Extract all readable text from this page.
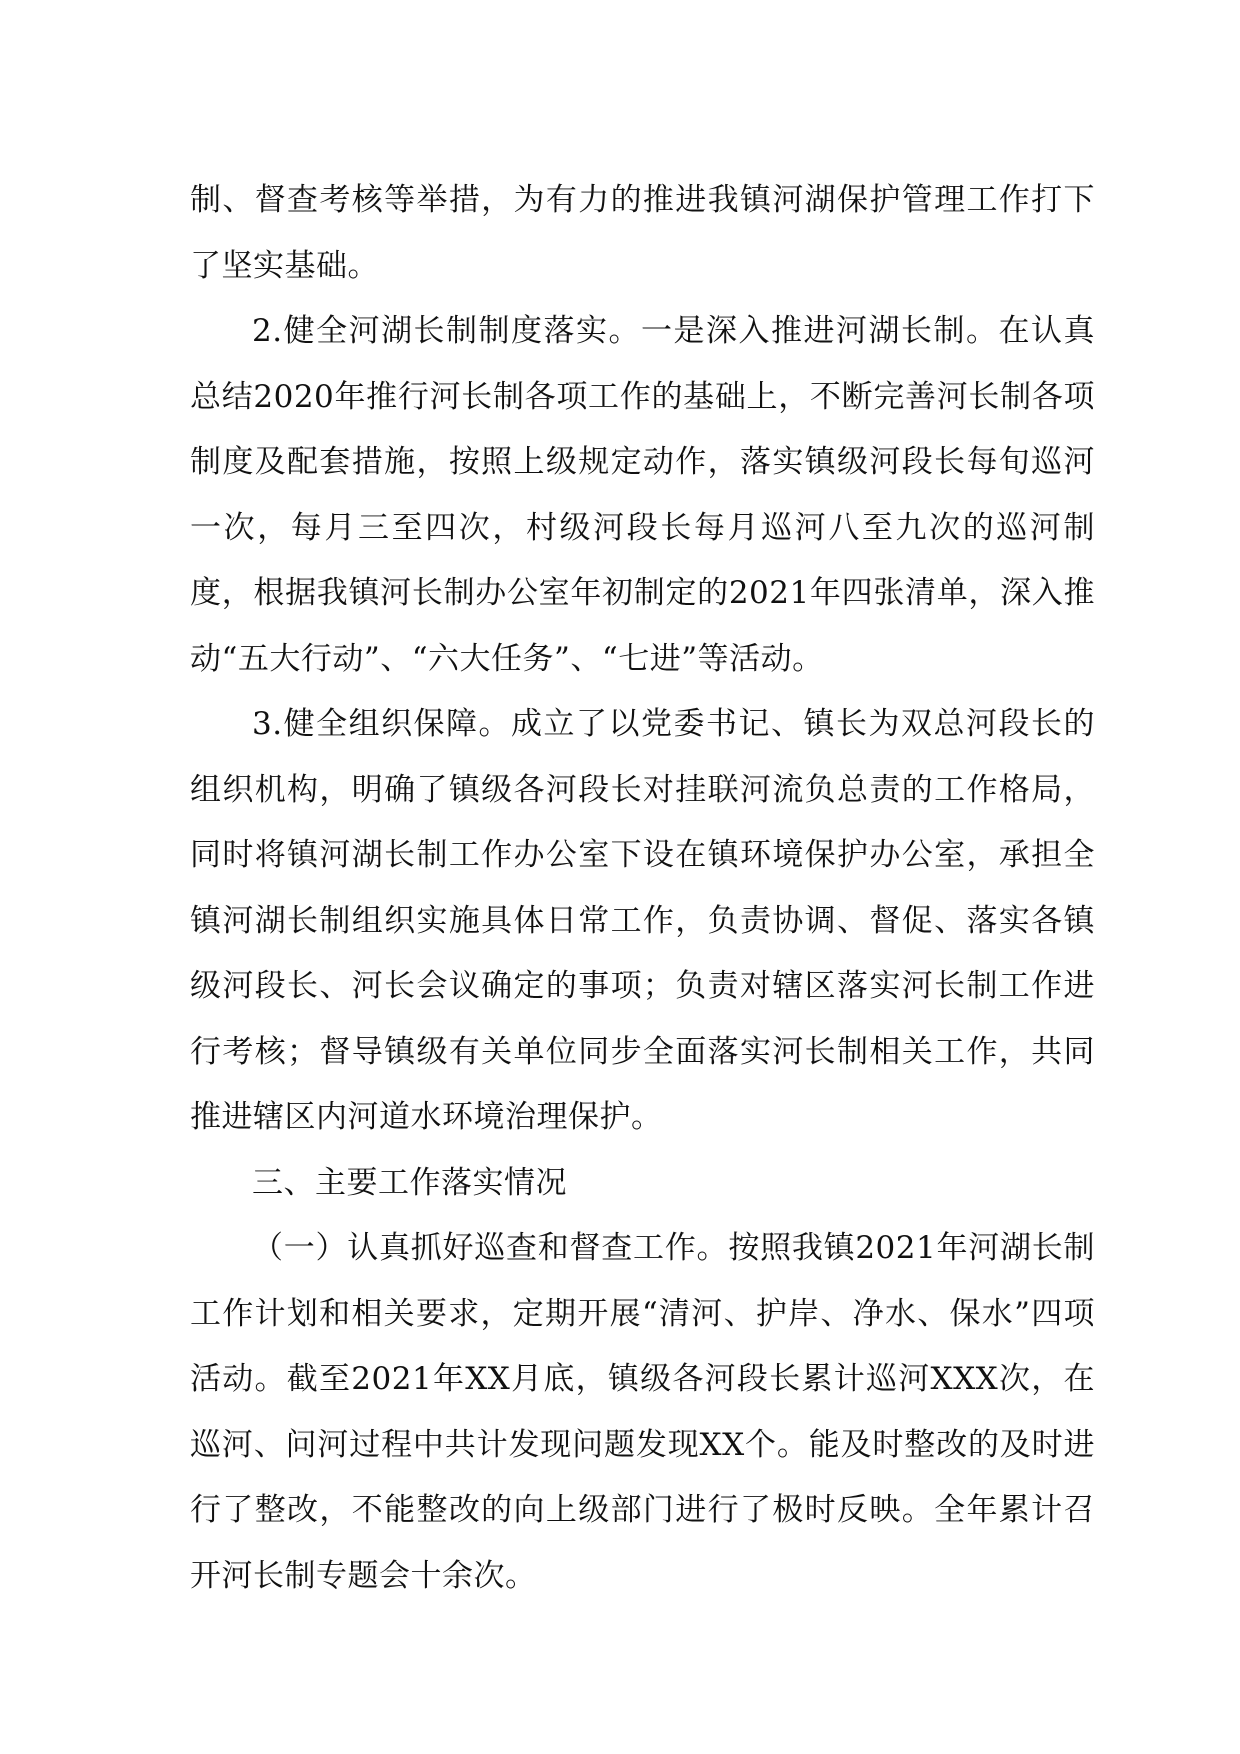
制、督查考核等举措，为有力的推进我镇河湖保护管理工作打下了坚实基础。

2.健全河湖长制制度落实。一是深入推进河湖长制。在认真总结2020年推行河长制各项工作的基础上，不断完善河长制各项制度及配套措施，按照上级规定动作，落实镇级河段长每旬巡河一次，每月三至四次，村级河段长每月巡河八至九次的巡河制度，根据我镇河长制办公室年初制定的2021年四张清单，深入推动“五大行动”、“六大任务”、“七进”等活动。

3.健全组织保障。成立了以党委书记、镇长为双总河段长的组织机构，明确了镇级各河段长对挂联河流负总责的工作格局，同时将镇河湖长制工作办公室下设在镇环境保护办公室，承担全镇河湖长制组织实施具体日常工作，负责协调、督促、落实各镇级河段长、河长会议确定的事项；负责对辖区落实河长制工作进行考核；督导镇级有关单位同步全面落实河长制相关工作，共同推进辖区内河道水环境治理保护。

三、主要工作落实情况

（一）认真抓好巡查和督查工作。按照我镇2021年河湖长制工作计划和相关要求，定期开展“清河、护岸、净水、保水”四项活动。截至2021年XX月底，镇级各河段长累计巡河XXX次，在巡河、问河过程中共计发现问题发现XX个。能及时整改的及时进行了整改，不能整改的向上级部门进行了极时反映。全年累计召开河长制专题会十余次。
